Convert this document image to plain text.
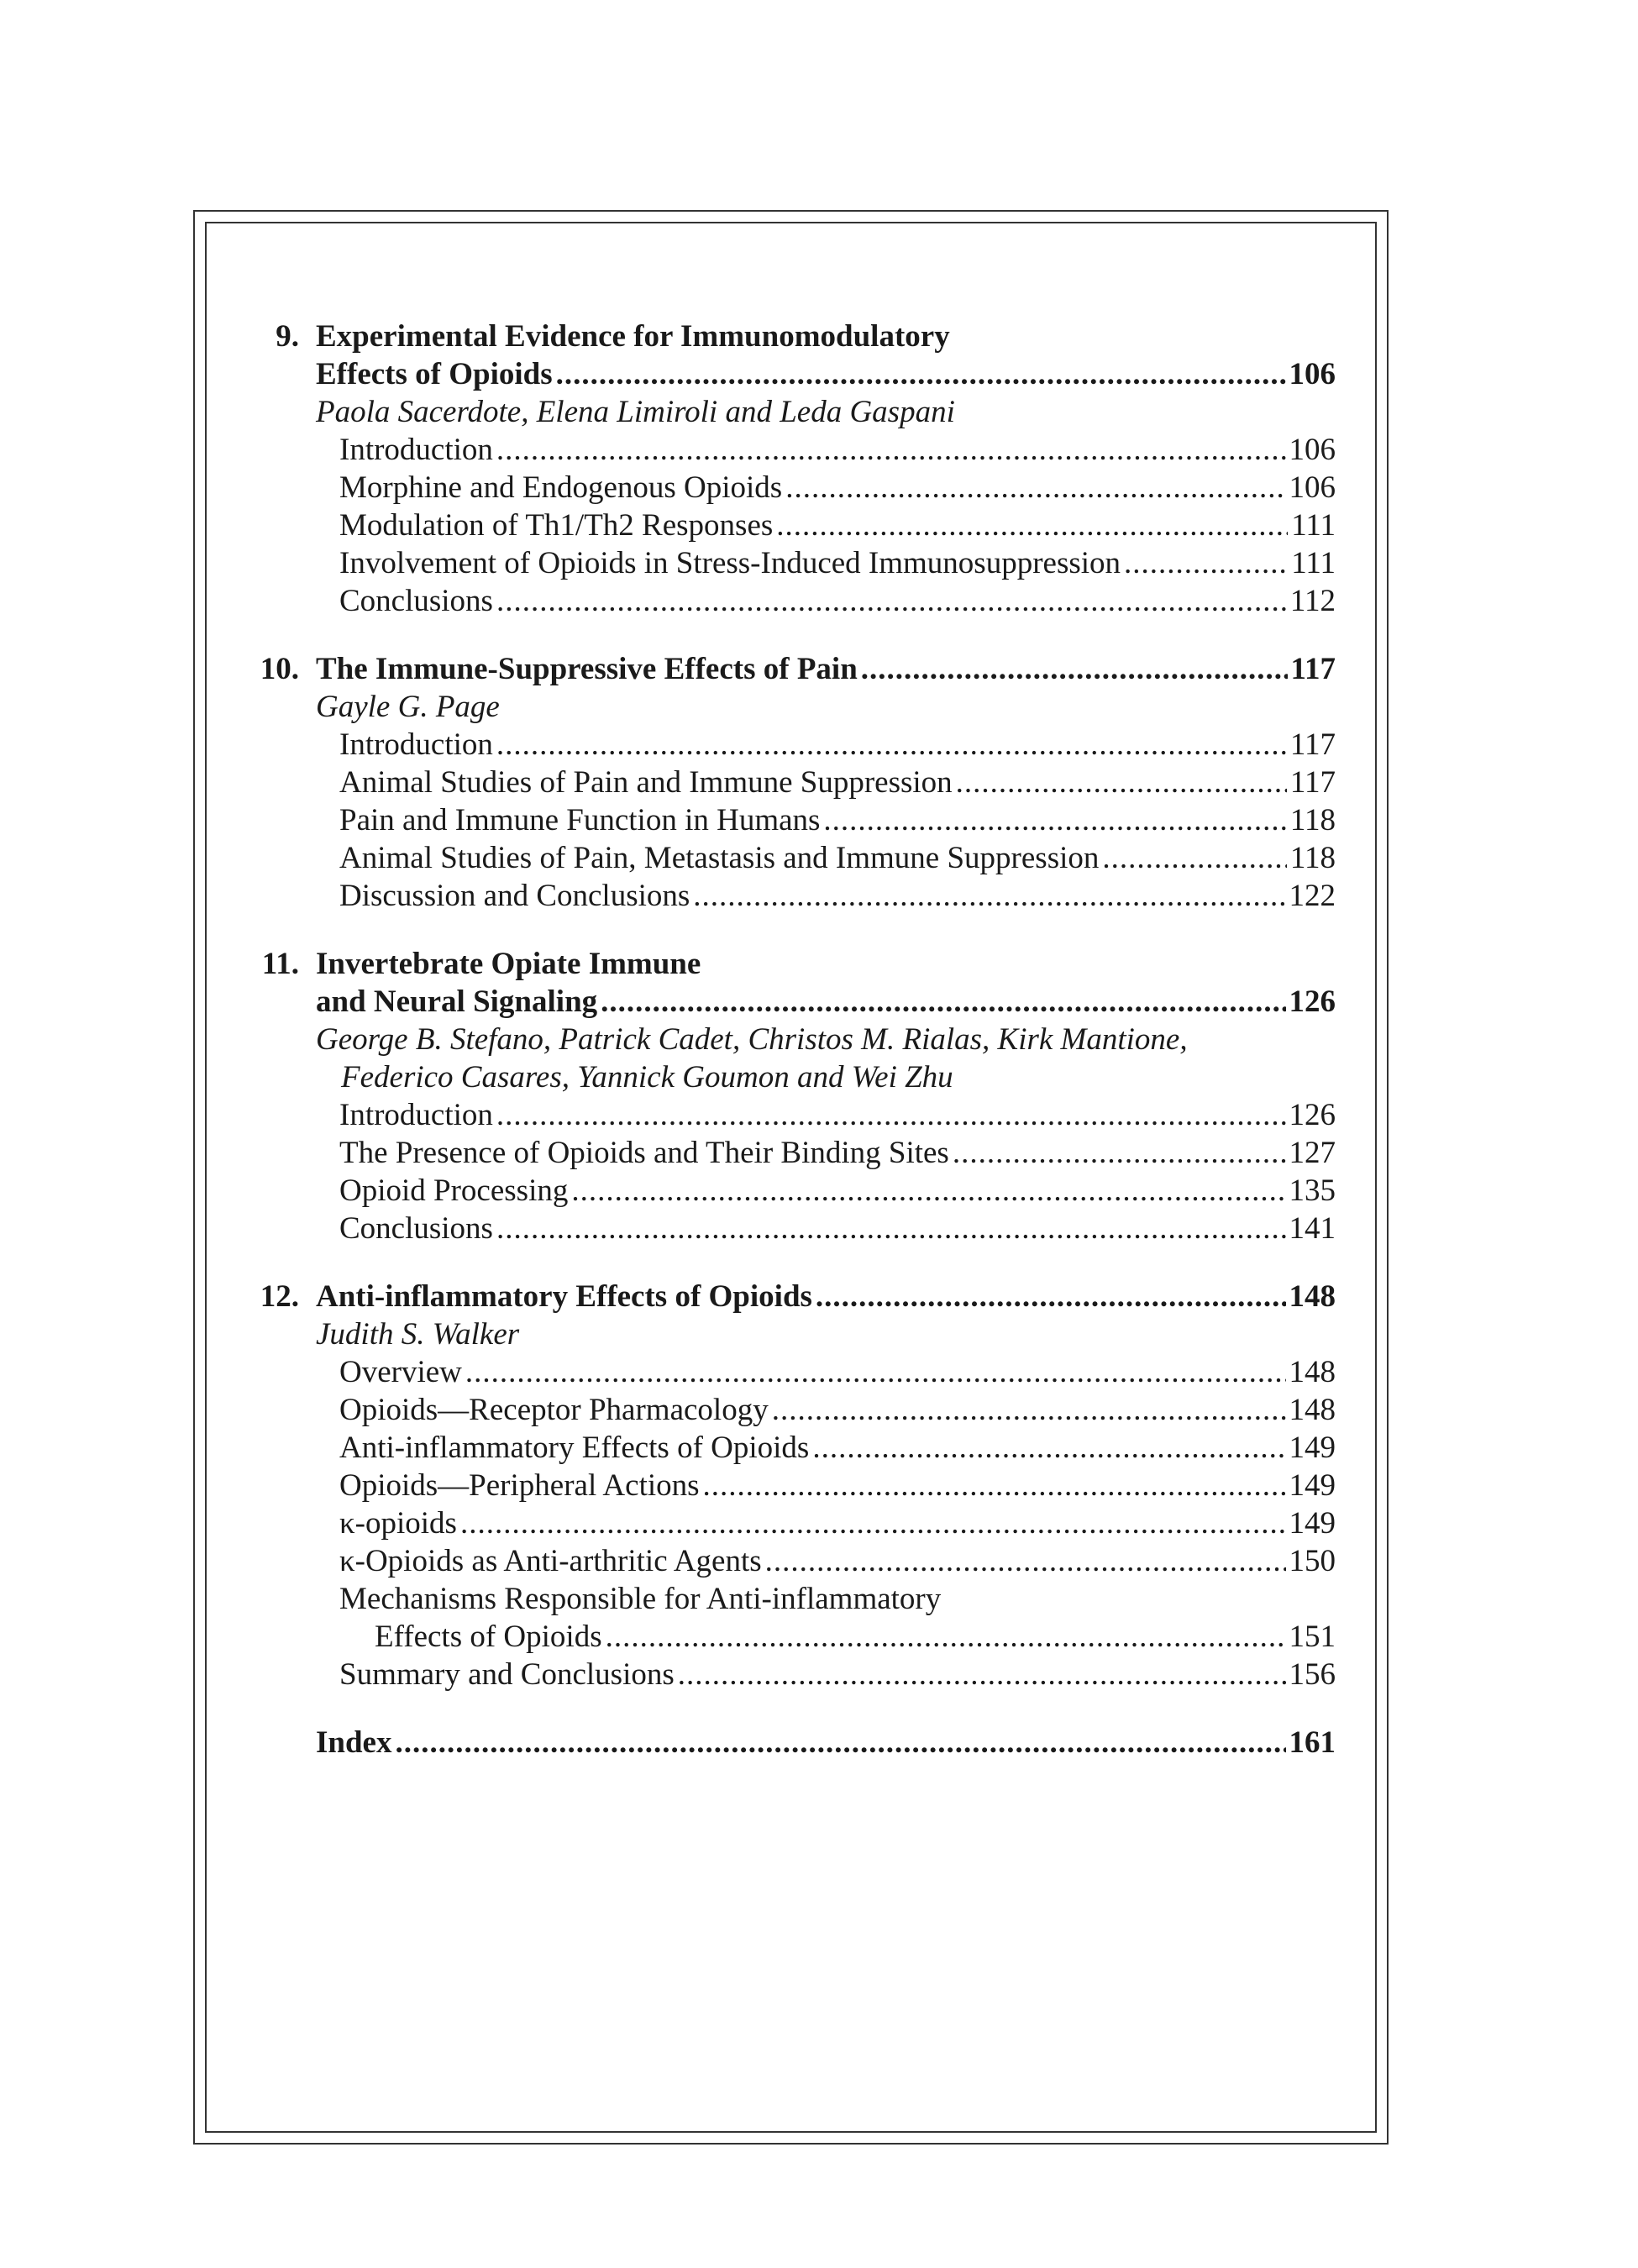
9. Experimental Evidence for Immunomodulatory
Effects of Opioids .....	106
Paola Sacerdote, Elena Limiroli and Leda Gaspani
Introduction .....	106
Morphine and Endogenous Opioids .....	106
Modulation of Th1/Th2 Responses .....	111
Involvement of Opioids in Stress-Induced Immunosuppression .....	111
Conclusions .....	112
10. The Immune-Suppressive Effects of Pain .....	117
Gayle G. Page
Introduction .....	117
Animal Studies of Pain and Immune Suppression .....	117
Pain and Immune Function in Humans .....	118
Animal Studies of Pain, Metastasis and Immune Suppression .....	118
Discussion and Conclusions .....	122
11. Invertebrate Opiate Immune
and Neural Signaling .....	126
George B. Stefano, Patrick Cadet, Christos M. Rialas, Kirk Mantione,
Federico Casares, Yannick Goumon and Wei Zhu
Introduction .....	126
The Presence of Opioids and Their Binding Sites .....	127
Opioid Processing .....	135
Conclusions .....	141
12. Anti-inflammatory Effects of Opioids .....	148
Judith S. Walker
Overview .....	148
Opioids—Receptor Pharmacology .....	148
Anti-inflammatory Effects of Opioids .....	149
Opioids—Peripheral Actions .....	149
κ-opioids .....	149
κ-Opioids as Anti-arthritic Agents .....	150
Mechanisms Responsible for Anti-inflammatory
Effects of Opioids .....	151
Summary and Conclusions .....	156
Index .....	161
